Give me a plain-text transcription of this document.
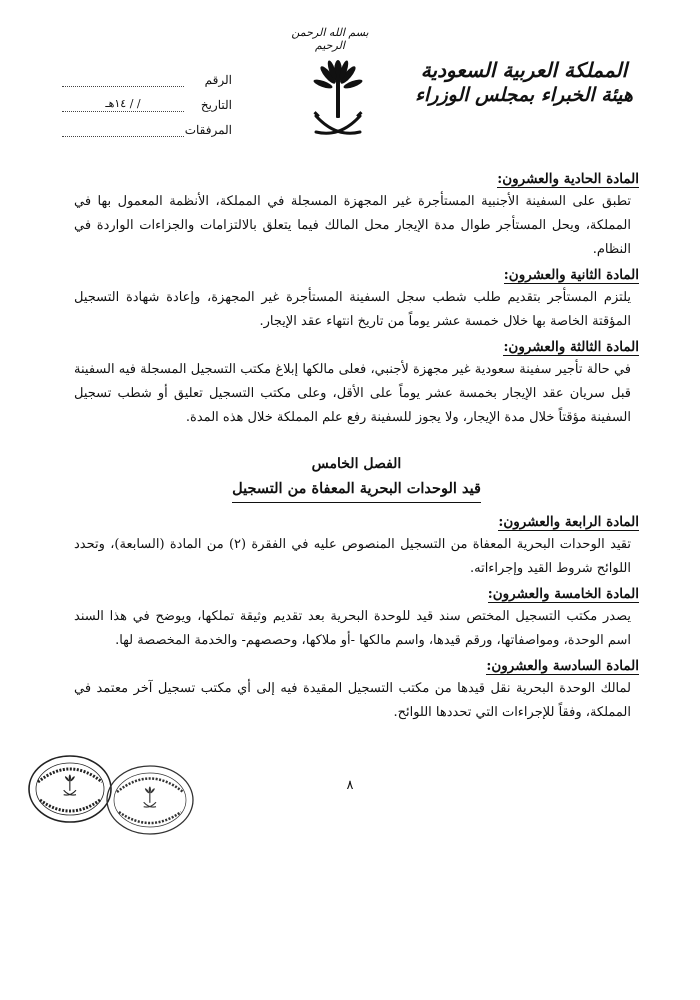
بسم الله الرحمن الرحيم
المملكة العربية السعودية
هيئة الخبراء بمجلس الوزراء
الرقم
التاريخ
/ / ١٤هـ
المرفقات

المادة الحادية والعشرون:

تطبق على السفينة الأجنبية المستأجرة غير المجهزة المسجلة في المملكة، الأنظمة المعمول بها في المملكة، ويحل المستأجر طوال مدة الإيجار محل المالك فيما يتعلق بالالتزامات والجزاءات الواردة في النظام.

المادة الثانية والعشرون:

يلتزم المستأجر بتقديم طلب شطب سجل السفينة المستأجرة غير المجهزة، وإعادة شهادة التسجيل المؤقتة الخاصة بها خلال خمسة عشر يوماً من تاريخ انتهاء عقد الإيجار.

المادة الثالثة والعشرون:

في حالة تأجير سفينة سعودية غير مجهزة لأجنبي، فعلى مالكها إبلاغ مكتب التسجيل المسجلة فيه السفينة قبل سريان عقد الإيجار بخمسة عشر يوماً على الأقل، وعلى مكتب التسجيل تعليق أو شطب تسجيل السفينة مؤقتاً خلال مدة الإيجار، ولا يجوز للسفينة رفع علم المملكة خلال هذه المدة.

الفصل الخامس
قيد الوحدات البحرية المعفاة من التسجيل

المادة الرابعة والعشرون:

تقيد الوحدات البحرية المعفاة من التسجيل المنصوص عليه في الفقرة (٢) من المادة (السابعة)، وتحدد اللوائح شروط القيد وإجراءاته.

المادة الخامسة والعشرون:

يصدر مكتب التسجيل المختص سند قيد للوحدة البحرية بعد تقديم وثيقة تملكها، ويوضح في هذا السند اسم الوحدة، ومواصفاتها، ورقم قيدها، واسم مالكها -أو ملاكها، وحصصهم- والخدمة المخصصة لها.

المادة السادسة والعشرون:

لمالك الوحدة البحرية نقل قيدها من مكتب التسجيل المقيدة فيه إلى أي مكتب تسجيل آخر معتمد في المملكة، وفقاً للإجراءات التي تحددها اللوائح.

٨
